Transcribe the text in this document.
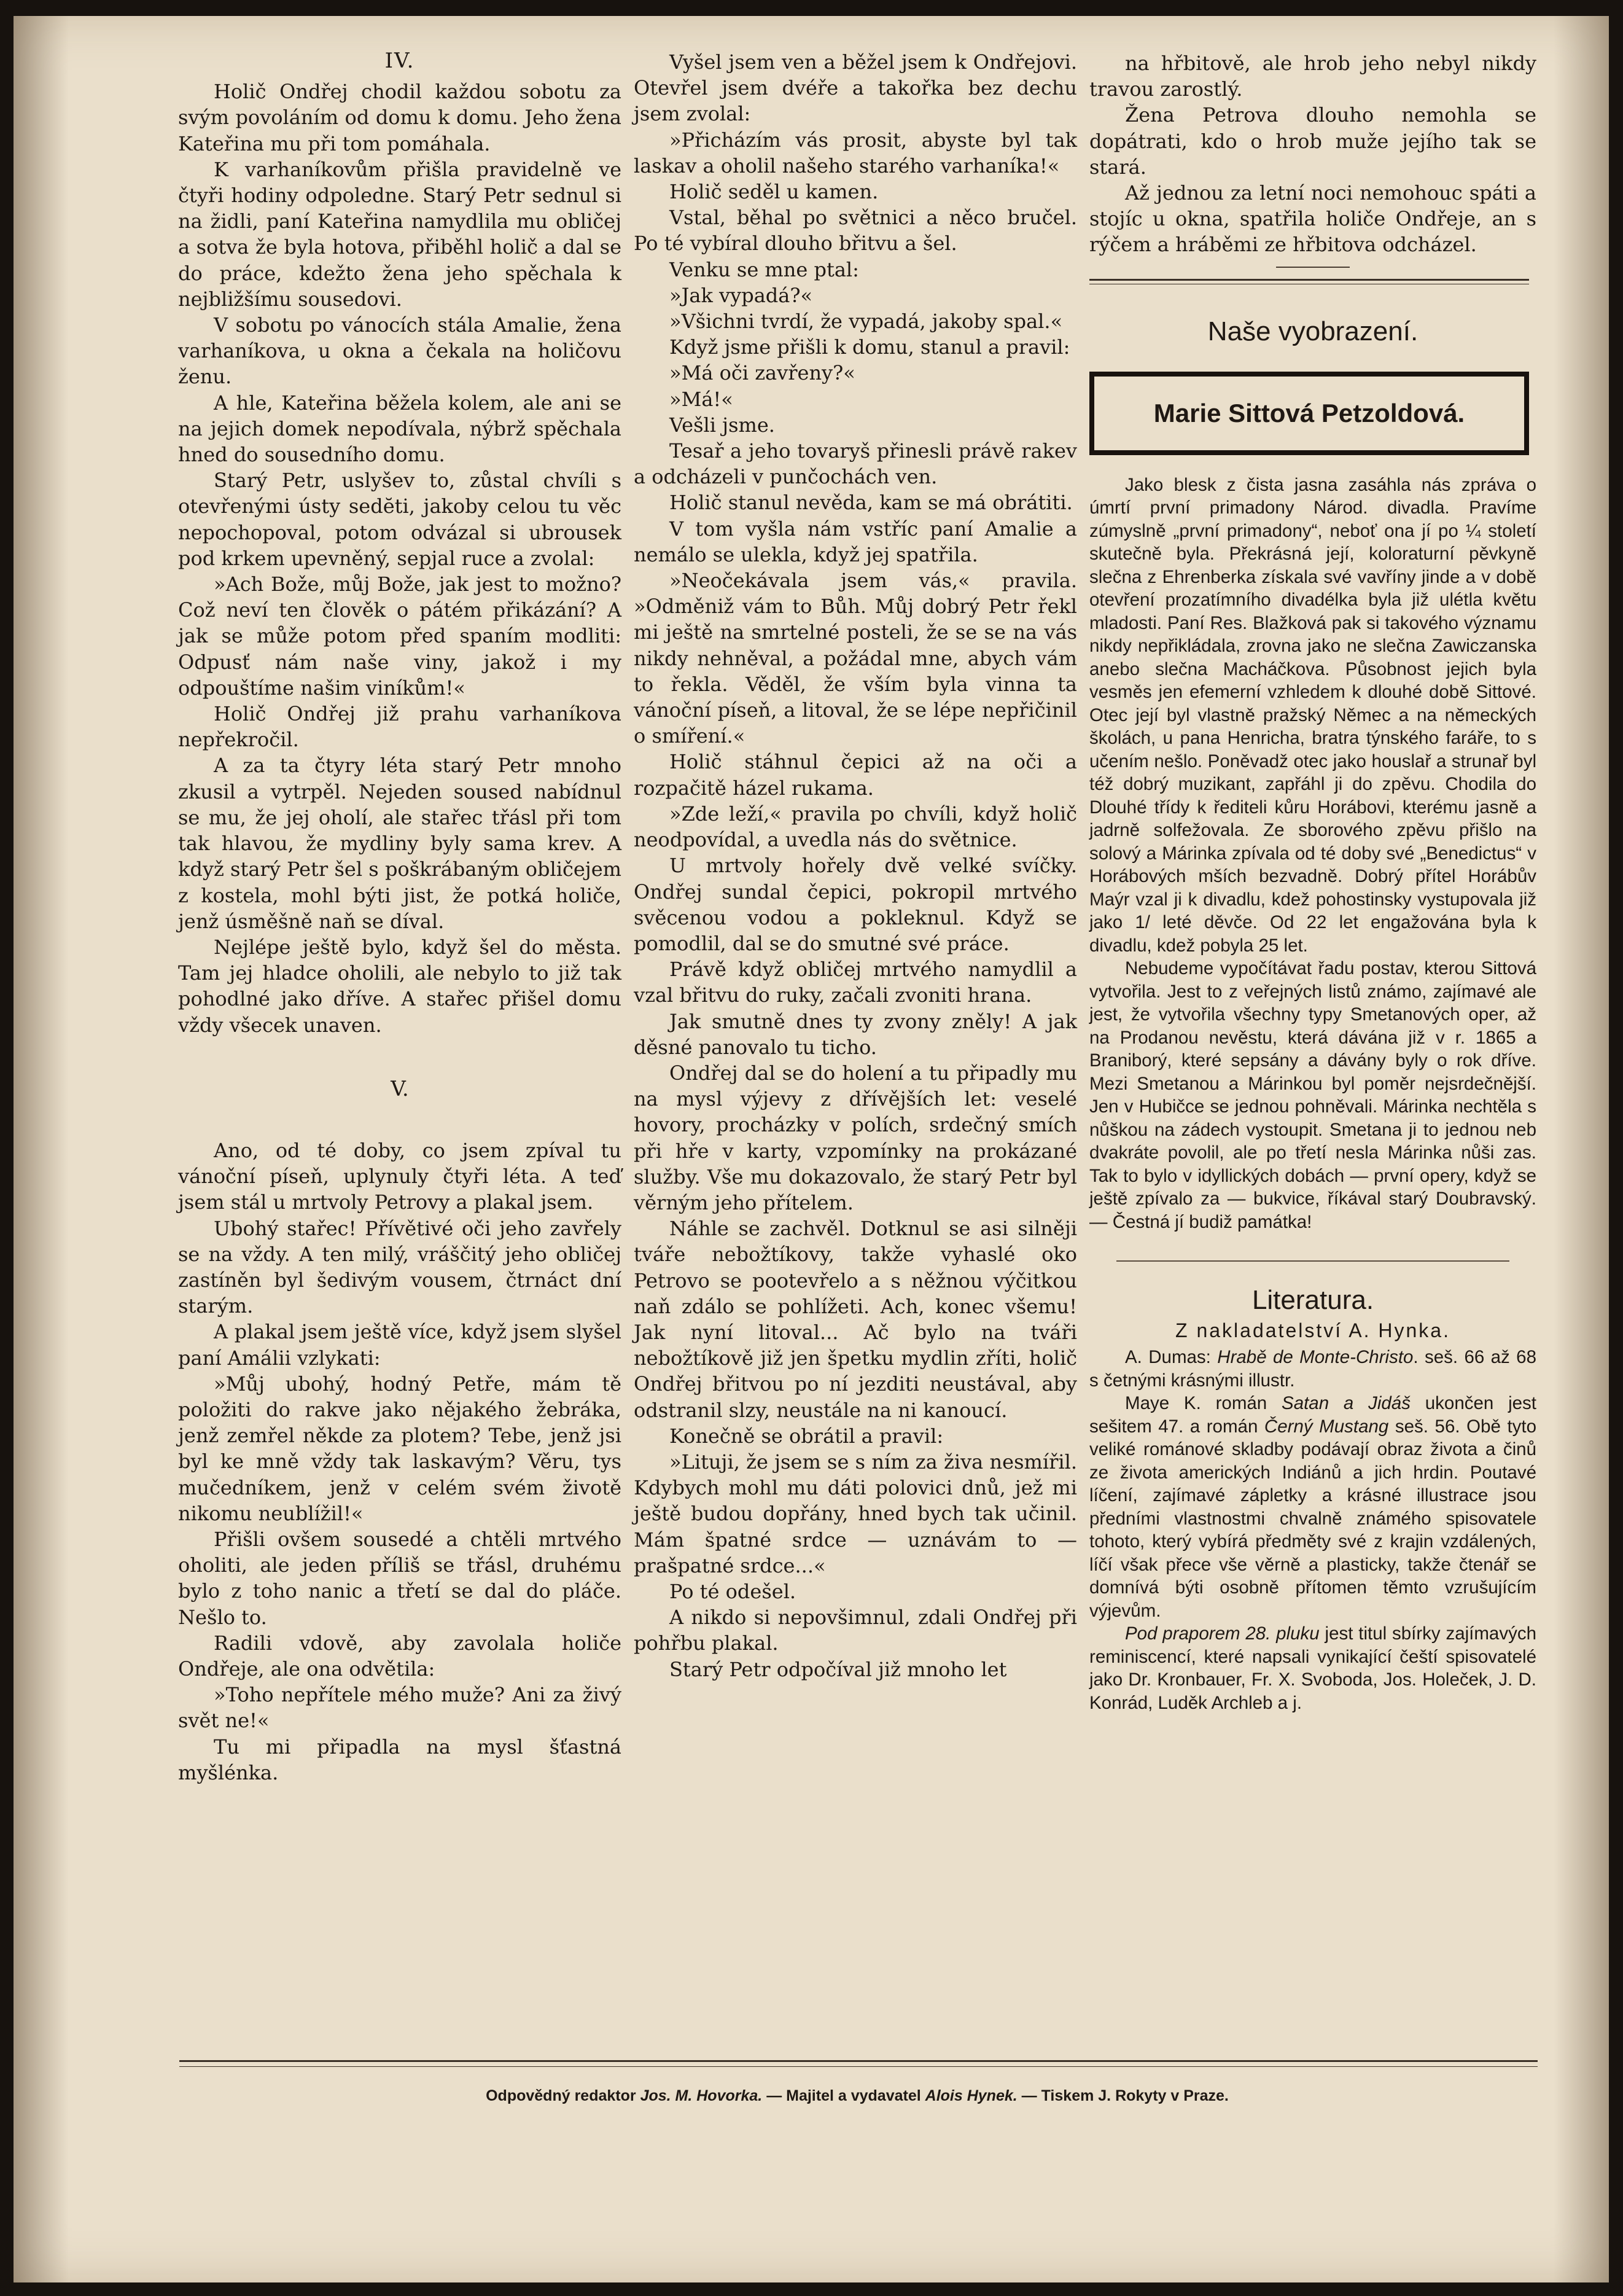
IV.

Holič Ondřej chodil každou sobotu za svým povoláním od domu k domu. Jeho žena Kateřina mu při tom pomáhala.

K varhaníkovům přišla pravidelně ve čtyři hodiny odpoledne. Starý Petr sednul si na židli, paní Kateřina namydlila mu obličej a sotva že byla hotova, přiběhl holič a dal se do práce, kdežto žena jeho spěchala k nejbližšímu sousedovi.

V sobotu po vánocích stála Amalie, žena varhaníkova, u okna a čekala na holičovu ženu.

A hle, Kateřina běžela kolem, ale ani se na jejich domek nepodívala, nýbrž spěchala hned do sousedního domu.

Starý Petr, uslyšev to, zůstal chvíli s otevřenými ústy sedĕti, jakoby celou tu věc nepochopoval, potom odvázal si ubrousek pod krkem upevněný, sepjal ruce a zvolal:

»Ach Bože, můj Bože, jak jest to možno? Což neví ten člověk o pátém přikázání? A jak se může potom před spaním modliti: Odpusť nám naše viny, jakož i my odpouštíme našim viníkům!«

Holič Ondřej již prahu varhaníkova nepřekročil.

A za ta čtyry léta starý Petr mnoho zkusil a vytrpěl. Nejeden soused nabídnul se mu, že jej oholí, ale stařec třásl při tom tak hlavou, že mydliny byly sama krev. A když starý Petr šel s poškrábaným obličejem z kostela, mohl býti jist, že potká holiče, jenž úsměšně naň se díval.

Nejlépe ještě bylo, když šel do města. Tam jej hladce oholili, ale nebylo to již tak pohodlné jako dříve. A stařec přišel domu vždy všecek unaven.

V.

Ano, od té doby, co jsem zpíval tu vánoční píseň, uplynuly čtyři léta. A teď jsem stál u mrtvoly Petrovy a plakal jsem.

Ubohý stařec! Přívětivé oči jeho zavřely se na vždy. A ten milý, vráščitý jeho obličej zastíněn byl šedivým vousem, čtrnáct dní starým.

A plakal jsem ještě více, když jsem slyšel paní Amálii vzlykati:

»Můj ubohý, hodný Petře, mám tě položiti do rakve jako nějakého žebráka, jenž zemřel někde za plotem? Tebe, jenž jsi byl ke mně vždy tak laskavým? Věru, tys mučedníkem, jenž v celém svém životě nikomu neublížil!«

Přišli ovšem sousedé a chtěli mrtvého oholiti, ale jeden příliš se třásl, druhému bylo z toho nanic a třetí se dal do pláče. Nešlo to.

Radili vdově, aby zavolala holiče Ondřeje, ale ona odvětila:

»Toho nepřítele mého muže? Ani za živý svět ne!«

Tu mi připadla na mysl šťastná myšlénka.

Vyšel jsem ven a běžel jsem k Ondřejovi. Otevřel jsem dvéře a takořka bez dechu jsem zvolal:

»Přicházím vás prosit, abyste byl tak laskav a oholil našeho starého varhaníka!«

Holič seděl u kamen.

Vstal, běhal po světnici a něco bručel. Po té vybíral dlouho břitvu a šel.

Venku se mne ptal:

»Jak vypadá?«

»Všichni tvrdí, že vypadá, jakoby spal.«

Když jsme přišli k domu, stanul a pravil:

»Má oči zavřeny?«

»Má!«

Vešli jsme.

Tesař a jeho tovaryš přinesli právě rakev a odcházeli v punčochách ven.

Holič stanul nevěda, kam se má obrátiti.

V tom vyšla nám vstříc paní Amalie a nemálo se ulekla, když jej spatřila.

»Neočekávala jsem vás,« pravila. »Odměniž vám to Bůh. Můj dobrý Petr řekl mi ještě na smrtelné posteli, že se se na vás nikdy nehněval, a požádal mne, abych vám to řekla. Věděl, že vším byla vinna ta vánoční píseň, a litoval, že se lépe nepřičinil o smíření.«

Holič stáhnul čepici až na oči a rozpačitě házel rukama.

»Zde leží,« pravila po chvíli, když holič neodpovídal, a uvedla nás do světnice.

U mrtvoly hořely dvě velké svíčky. Ondřej sundal čepici, pokropil mrtvého svěcenou vodou a pokleknul. Když se pomodlil, dal se do smutné své práce.

Právě když obličej mrtvého namydlil a vzal břitvu do ruky, začali zvoniti hrana.

Jak smutně dnes ty zvony zněly! A jak děsné panovalo tu ticho.

Ondřej dal se do holení a tu připadly mu na mysl výjevy z dřívějších let: veselé hovory, procházky v polích, srdečný smích při hře v karty, vzpomínky na prokázané služby. Vše mu dokazovalo, že starý Petr byl věrným jeho přítelem.

Náhle se zachvěl. Dotknul se asi silněji tváře nebožtíkovy, takže vyhaslé oko Petrovo se pootevřelo a s něžnou výčitkou naň zdálo se pohlížeti. Ach, konec všemu! Jak nyní litoval... Ač bylo na tváři nebožtíkově již jen špetku mydlin zříti, holič Ondřej břitvou po ní jezditi neustával, aby odstranil slzy, neustále na ni kanoucí.

Konečně se obrátil a pravil:

»Lituji, že jsem se s ním za živa nesmířil. Kdybych mohl mu dáti polovici dnů, jež mi ještě budou dopřány, hned bych tak učinil. Mám špatné srdce — uznávám to — prašpatné srdce...«

Po té odešel.

A nikdo si nepovšimnul, zdali Ondřej při pohřbu plakal.

Starý Petr odpočíval již mnoho let

na hřbitově, ale hrob jeho nebyl nikdy travou zarostlý.

Žena Petrova dlouho nemohla se dopátrati, kdo o hrob muže jejího tak se stará.

Až jednou za letní noci nemohouc spáti a stojíc u okna, spatřila holiče Ondřeje, an s rýčem a hráběmi ze hřbitova odcházel.

Naše vyobrazení.
Marie Sittová Petzoldová.

Jako blesk z čista jasna zasáhla nás zpráva o úmrtí první primadony Národ. divadla. Pravíme zúmyslně „první primadony“, neboť ona jí po ¼ století skutečně byla. Překrásná její, koloraturní pěvkyně slečna z Ehrenberka získala své vavříny jinde a v době otevření prozatímního divadélka byla již ulétla květu mladosti. Paní Res. Blažková pak si takového významu nikdy nepřikládala, zrovna jako ne slečna Zawiczanska anebo slečna Macháčkova. Působnost jejich byla vesměs jen efemerní vzhledem k dlouhé době Sittové. Otec její byl vlastně pražský Němec a na německých školách, u pana Henricha, bratra týnského faráře, to s učením nešlo. Poněvadž otec jako houslař a strunař byl též dobrý muzikant, zapřáhl ji do zpěvu. Chodila do Dlouhé třídy k řediteli kůru Horábovi, kterému jasně a jadrně solfežovala. Ze sborového zpěvu přišlo na solový a Márinka zpívala od té doby své „Benedictus“ v Horábových mších bezvadně. Dobrý přítel Horábův Maýr vzal ji k divadlu, kdež pohostinsky vystupovala již jako 1/ leté děvče. Od 22 let engažována byla k divadlu, kdež pobyla 25 let.

Nebudeme vypočítávat řadu postav, kterou Sittová vytvořila. Jest to z veřejných listů známo, zajímavé ale jest, že vytvořila všechny typy Smetanových oper, až na Prodanou nevěstu, která dávána již v r. 1865 a Braniborý, které sepsány a dávány byly o rok dříve. Mezi Smetanou a Márinkou byl poměr nejsrdečnější. Jen v Hubičce se jednou pohněvali. Márinka nechtěla s nůškou na zádech vystoupit. Smetana ji to jednou neb dvakráte povolil, ale po třetí nesla Márinka nůši zas. Tak to bylo v idyllických dobách — první opery, když se ještě zpívalo za — bukvice, říkával starý Doubravský. — Čestná jí budiž památka!

Literatura.
Z nakladatelství A. Hynka.

A. Dumas: Hrabě de Monte-Christo. seš. 66 až 68 s četnými krásnými illustr.

Maye K. román Satan a Jidáš ukončen jest sešitem 47. a román Černý Mustang seš. 56. Obě tyto veliké románové skladby podávají obraz života a činů ze života amerických Indiánů a jich hrdin. Poutavé líčení, zajímavé zápletky a krásné illustrace jsou předními vlastnostmi chvalně známého spisovatele tohoto, který vybírá předměty své z krajin vzdálených, líčí však přece vše věrně a plasticky, takže čtenář se domnívá býti osobně přítomen těmto vzrušujícím výjevům.

Pod praporem 28. pluku jest titul sbírky zajímavých reminiscencí, které napsali vynikající čeští spisovatelé jako Dr. Kronbauer, Fr. X. Svoboda, Jos. Holeček, J. D. Konrád, Luděk Archleb a j.

Odpovědný redaktor Jos. M. Hovorka. — Majitel a vydavatel Alois Hynek. — Tiskem J. Rokyty v Praze.
